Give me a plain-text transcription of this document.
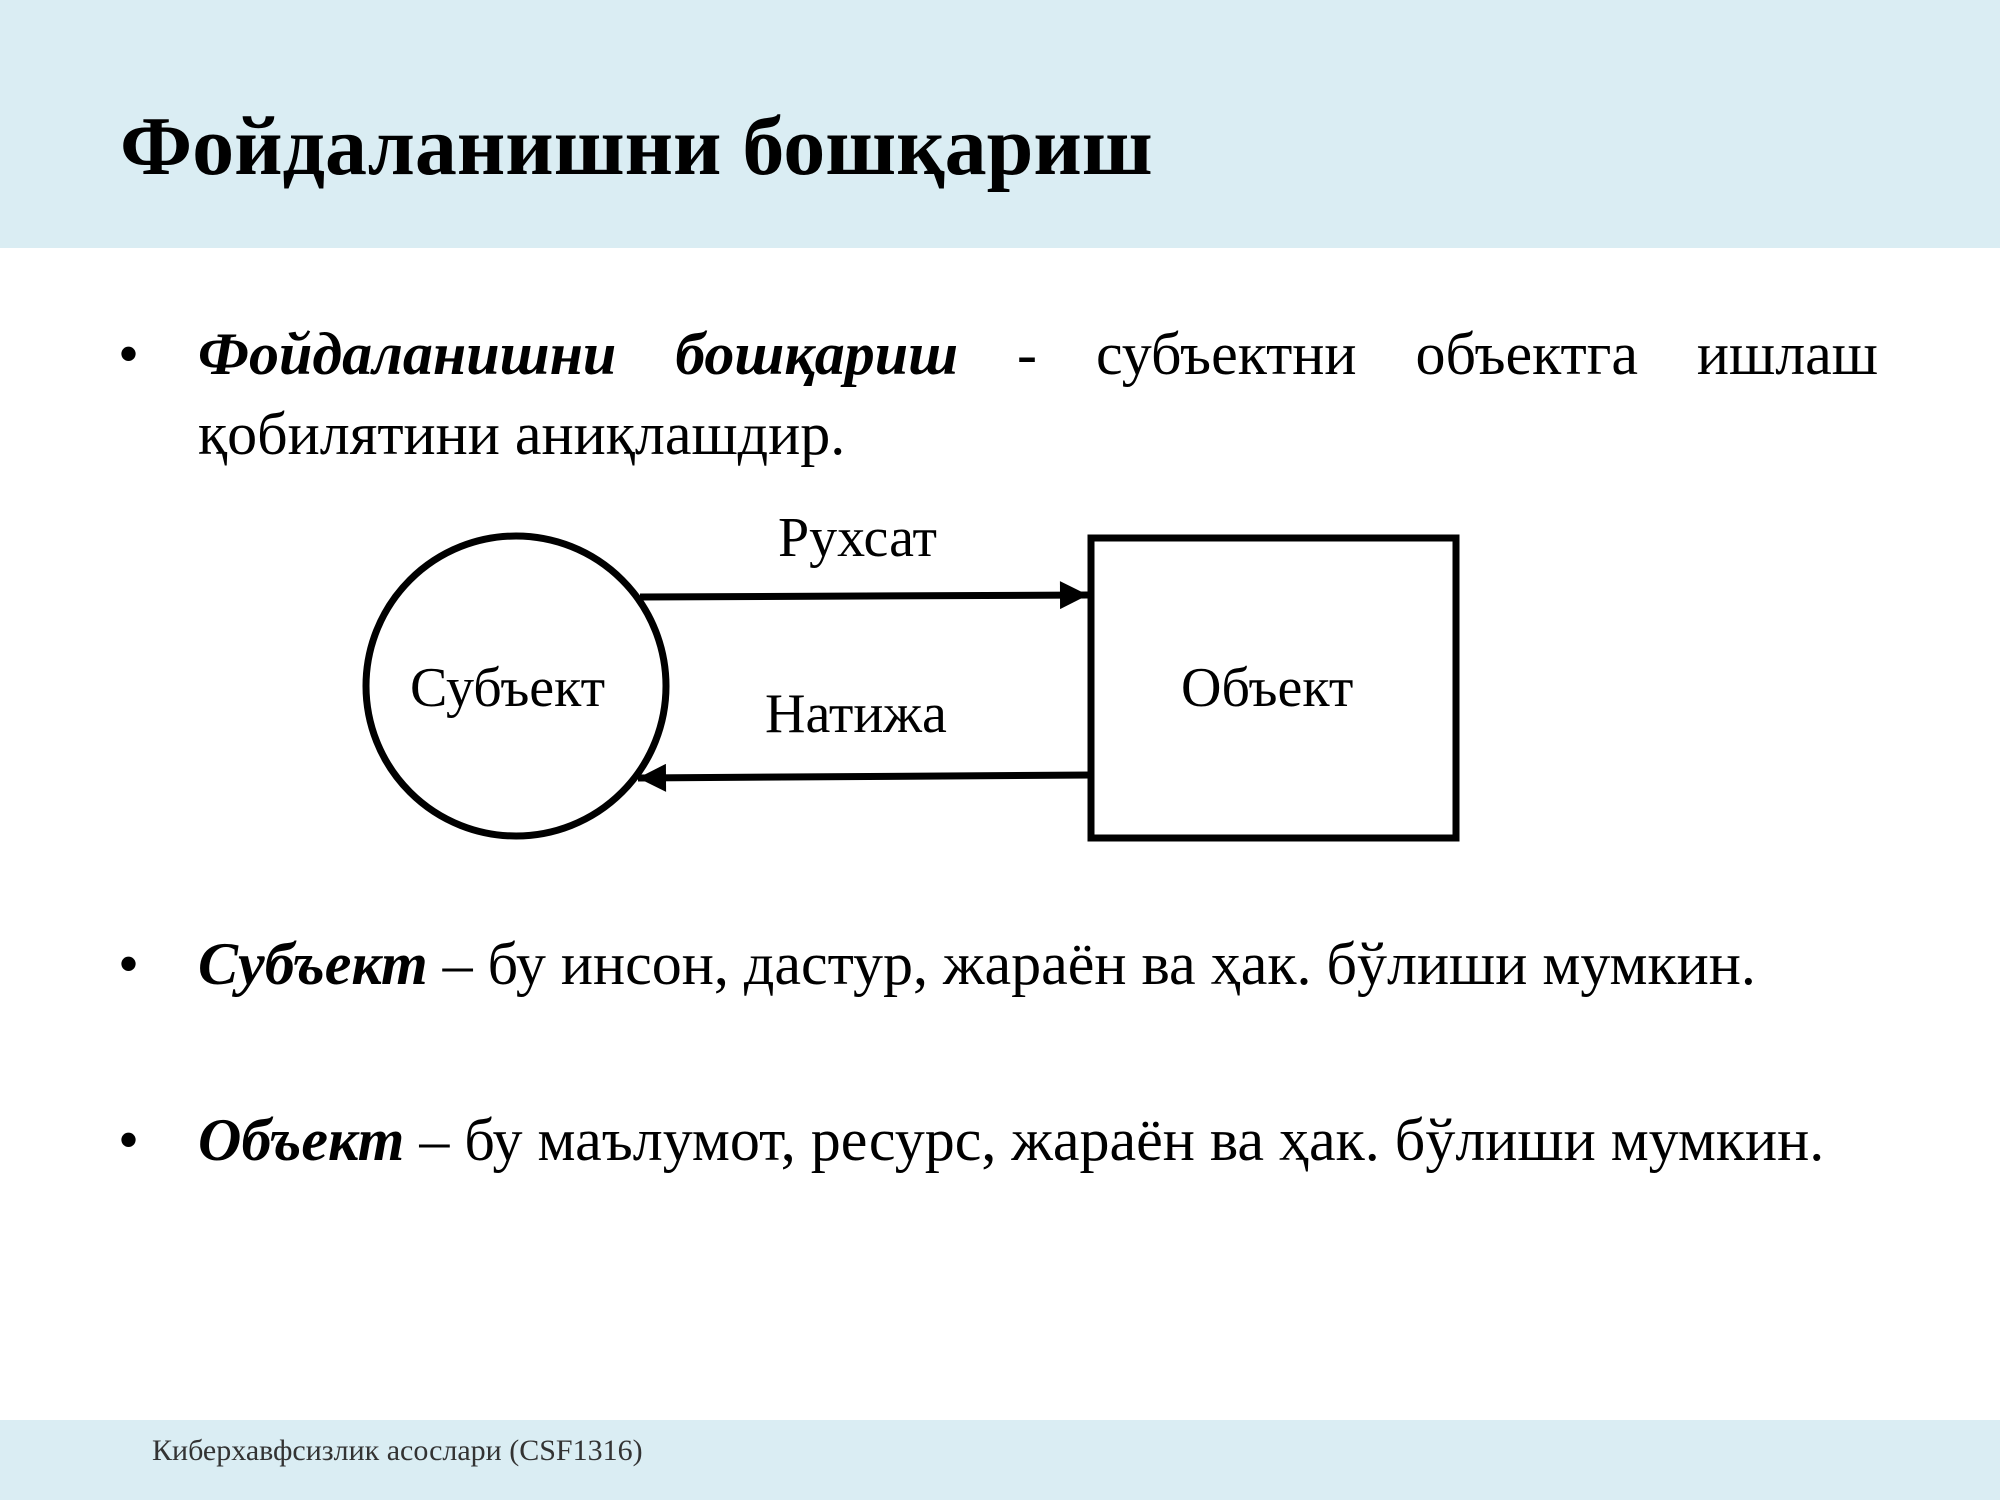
Фойдаланишни бошқариш
• Фойдаланишни бошқариш - субъектни объектга ишлаш қобилятини аниқлашдир.
Субъект	Объект
Рухсат
Натижа
• Субъект – бу инсон, дастур, жараён ва ҳак. бўлиши мумкин.
• Объект – бу маълумот, ресурс, жараён ва ҳак. бўлиши мумкин.
Киберхавфсизлик асослари (CSF1316)
